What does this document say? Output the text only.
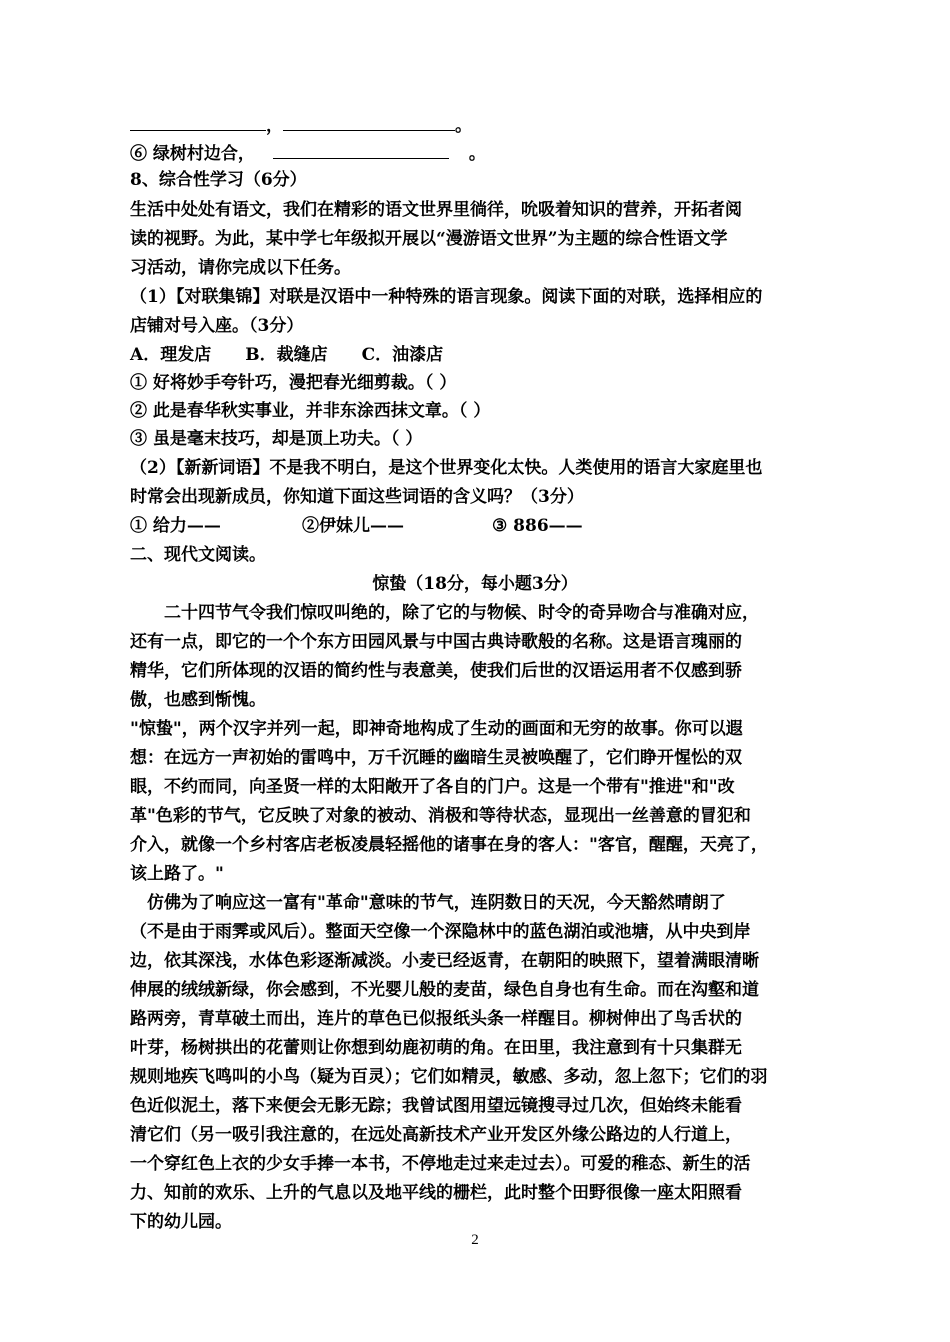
，	。
⑥ 绿树村边合，	。
8、综合性学习（6分）
生活中处处有语文，我们在精彩的语文世界里徜徉，吮吸着知识的营养，开拓者阅
读的视野。为此，某中学七年级拟开展以“漫游语文世界”为主题的综合性语文学
习活动，请你完成以下任务。
（1）【对联集锦】对联是汉语中一种特殊的语言现象。阅读下面的对联，选择相应的
店铺对号入座。（3分）
A．理发店 B．裁缝店 C．油漆店
① 好将妙手夸针巧，漫把春光细剪裁。（ ）
② 此是春华秋实事业，并非东涂西抹文章。（ ）
③ 虽是毫末技巧，却是顶上功夫。（ ）
（2）【新新词语】不是我不明白，是这个世界变化太快。人类使用的语言大家庭里也
时常会出现新成员，你知道下面这些词语的含义吗？（3分）
① 给力——	②伊妹儿——	③ 886——
二、现代文阅读。
惊蛰（18分，每小题3分）
　　二十四节气令我们惊叹叫绝的，除了它的与物候、时令的奇异吻合与准确对应，
还有一点，即它的一个个东方田园风景与中国古典诗歌般的名称。这是语言瑰丽的
精华，它们所体现的汉语的简约性与表意美，使我们后世的汉语运用者不仅感到骄
傲，也感到惭愧。
"惊蛰"，两个汉字并列一起，即神奇地构成了生动的画面和无穷的故事。你可以遐
想：在远方一声初始的雷鸣中，万千沉睡的幽暗生灵被唤醒了，它们睁开惺忪的双
眼，不约而同，向圣贤一样的太阳敞开了各自的门户。这是一个带有"推进"和"改
革"色彩的节气，它反映了对象的被动、消极和等待状态，显现出一丝善意的冒犯和
介入，就像一个乡村客店老板凌晨轻摇他的诸事在身的客人："客官，醒醒，天亮了，
该上路了。"
　仿佛为了响应这一富有"革命"意味的节气，连阴数日的天况，今天豁然晴朗了
（不是由于雨霁或风后）。整面天空像一个深隐林中的蓝色湖泊或池塘，从中央到岸
边，依其深浅，水体色彩逐渐减淡。小麦已经返青，在朝阳的映照下，望着满眼清晰
伸展的绒绒新绿，你会感到，不光婴儿般的麦苗，绿色自身也有生命。而在沟壑和道
路两旁，青草破土而出，连片的草色已似报纸头条一样醒目。柳树伸出了鸟舌状的
叶芽，杨树拱出的花蕾则让你想到幼鹿初萌的角。在田里，我注意到有十只集群无
规则地疾飞鸣叫的小鸟（疑为百灵）；它们如精灵，敏感、多动，忽上忽下；它们的羽
色近似泥土，落下来便会无影无踪；我曾试图用望远镜搜寻过几次，但始终未能看
清它们（另一吸引我注意的，在远处高新技术产业开发区外缘公路边的人行道上，
一个穿红色上衣的少女手捧一本书，不停地走过来走过去）。可爱的稚态、新生的活
力、知前的欢乐、上升的气息以及地平线的栅栏，此时整个田野很像一座太阳照看
下的幼儿园。
2
